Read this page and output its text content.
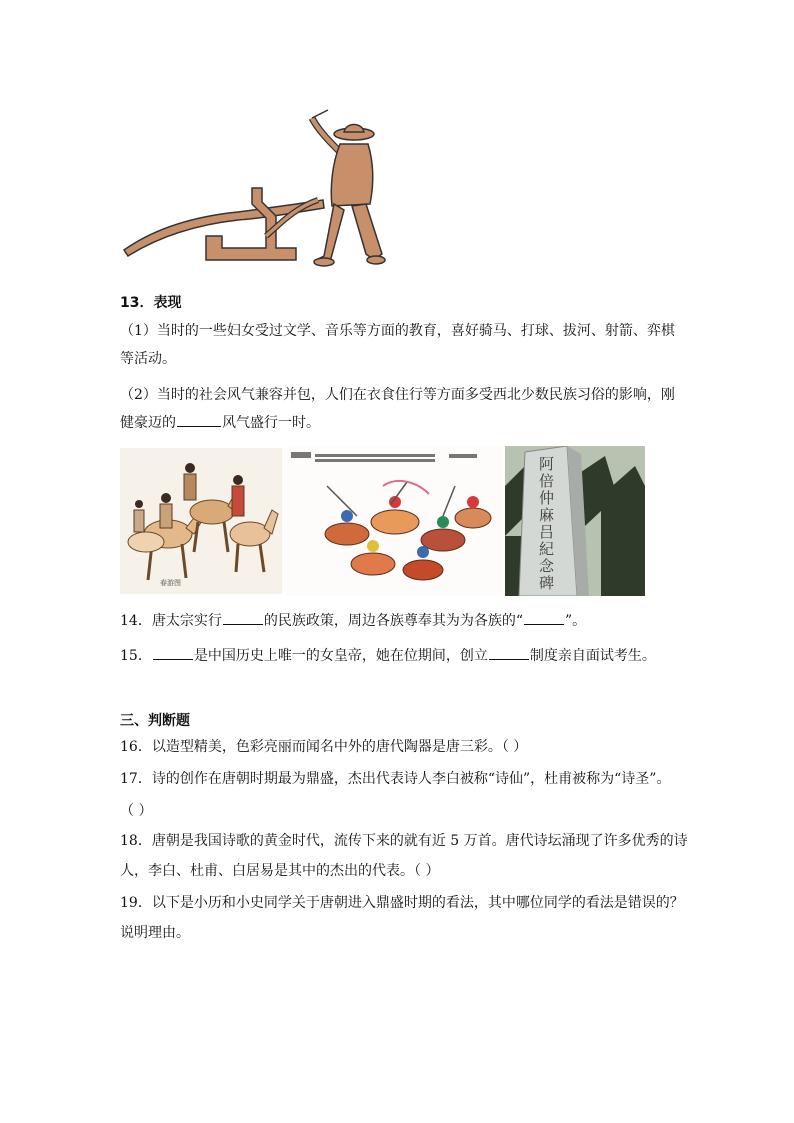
13．表现
（1）当时的一些妇女受过文学、音乐等方面的教育，喜好骑马、打球、拔河、射箭、弈棋
等活动。
（2）当时的社会风气兼容并包，人们在衣食住行等方面多受西北少数民族习俗的影响，刚
健豪迈的	风气盛行一时。
春游图
阿倍仲麻吕紀念碑
14．唐太宗实行	的民族政策，周边各族尊奉其为为各族的“	”。
15．	是中国历史上唯一的女皇帝，她在位期间，创立	制度亲自面试考生。
三、判断题
16．以造型精美，色彩亮丽而闻名中外的唐代陶器是唐三彩。（ ）
17．诗的创作在唐朝时期最为鼎盛，杰出代表诗人李白被称“诗仙”，杜甫被称为“诗圣”。
（ ）
18．唐朝是我国诗歌的黄金时代，流传下来的就有近 5 万首。唐代诗坛涌现了许多优秀的诗
人，李白、杜甫、白居易是其中的杰出的代表。（ ）
19．以下是小历和小史同学关于唐朝进入鼎盛时期的看法，其中哪位同学的看法是错误的？
说明理由。
